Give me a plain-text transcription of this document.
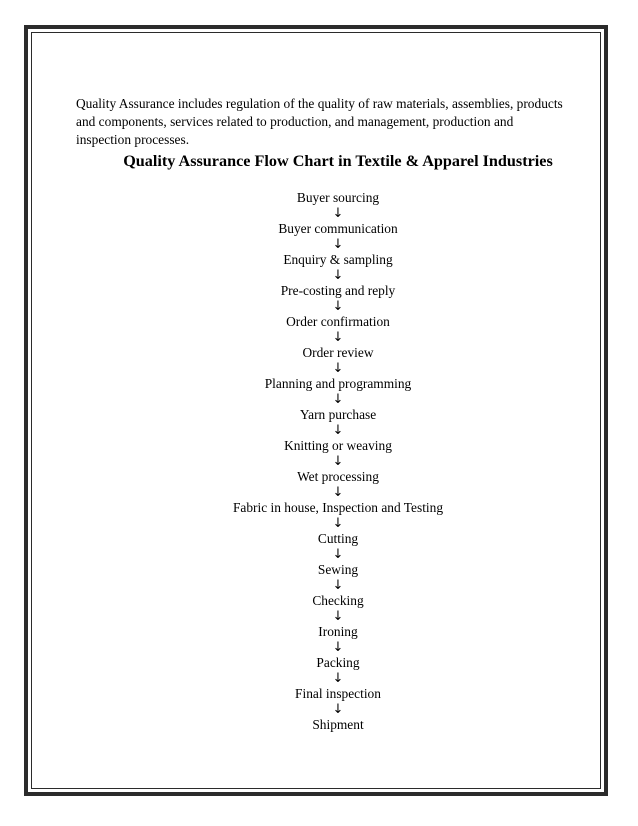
Quality Assurance includes regulation of the quality of raw materials, assemblies, products and components, services related to production, and management, production and inspection processes.

Quality Assurance Flow Chart in Textile & Apparel Industries
Buyer sourcing
↓
Buyer communication
↓
Enquiry & sampling
↓
Pre-costing and reply
↓
Order confirmation
↓
Order review
↓
Planning and programming
↓
Yarn purchase
↓
Knitting or weaving
↓
Wet processing
↓
Fabric in house, Inspection and Testing
↓
Cutting
↓
Sewing
↓
Checking
↓
Ironing
↓
Packing
↓
Final inspection
↓
Shipment
